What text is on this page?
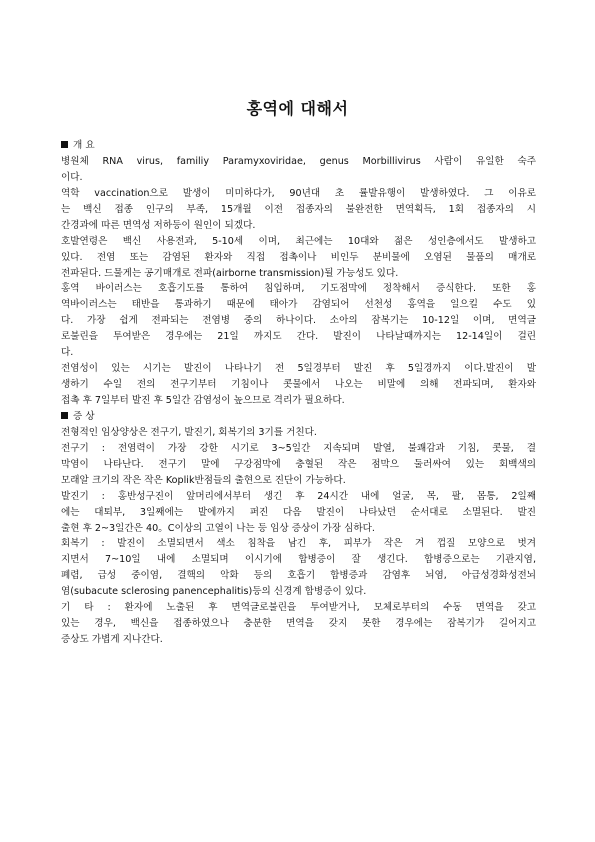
홍역에 대해서
개 요
병원체 RNA virus, familiy Paramyxoviridae, genus Morbillivirus 사람이 유일한 숙주
이다.
역학 vaccination으로 발생이 미미하다가, 90년대 초 률발유행이 발생하였다. 그 이유로
는 백신 접종 인구의 부족, 15개월 이전 접종자의 불완전한 면역획득, 1회 접종자의 시
간경과에 따른 면역성 저하등이 원인이 되겠다.
호발연령은 백신 사용전과, 5-10세 이며, 최근에는 10대와 젊은 성인층에서도 발생하고
있다. 전염 또는 감염된 환자와 직접 접촉이나 비인두 분비물에 오염된 물품의 매개로
전파된다. 드물게는 공기매개로 전파(airborne transmission)될 가능성도 있다.
홍역 바이러스는 호흡기도를 통하여 침입하며, 기도점막에 정착해서 증식한다. 또한 홍
역바이러스는 태반을 통과하기 때문에 태아가 감염되어 선천성 홍역을 일으킬 수도 있
다. 가장 쉽게 전파되는 전염병 중의 하나이다. 소아의 잠복기는 10-12일 이며, 면역글
로불린을 투여받은 경우에는 21일 까지도 간다. 발진이 나타날때까지는 12-14일이 걸린
다.
전염성이 있는 시기는 발진이 나타나기 전 5일경부터 발진 후 5일경까지 이다.발진이 발
생하기 수일 전의 전구기부터 기침이나 콧물에서 나오는 비말에 의해 전파되며, 환자와
접촉 후 7일부터 발진 후 5일간 감염성이 높으므로 격리가 필요하다.
증 상
전형적인 임상양상은 전구기, 발진기, 회복기의 3기를 거친다.
전구기 : 전염력이 가장 강한 시기로 3~5일간 지속되며 발열, 불쾌감과 기침, 콧물, 결
막염이 나타난다. 전구기 말에 구강점막에 충혈된 작은 점막으 둘러싸여 있는 회백색의
모래알 크기의 작은 작은 Koplik반점들의 출현으로 진단이 가능하다.
발진기 : 홍반성구진이 앞머리에서부터 생긴 후 24시간 내에 얼굴, 목, 팔, 몸통, 2일째
에는 대퇴부, 3일째에는 발에까지 퍼진 다음 발진이 나타났던 순서대로 소멸된다. 발진
출현 후 2~3일간은 40。C이상의 고열이 나는 등 임상 증상이 가장 심하다.
회복기 : 발진이 소멸되면서 색소 침착을 남긴 후, 피부가 작은 겨 껍질 모양으로 벗겨
지면서 7~10일 내에 소멸되며 이시기에 합병증이 잘 생긴다. 합병증으로는 기관지염,
폐렴, 급성 중이염, 결핵의 악화 등의 호흡기 합병증과 감염후 뇌염, 아급성경화성전뇌
염(subacute sclerosing panencephalitis)등의 신경계 합병증이 있다.
기 타 : 환자에 노출된 후 면역글로불린을 투여받거나, 모체로부터의 수동 면역을 갖고
있는 경우, 백신을 접종하였으나 충분한 면역을 갖지 못한 경우에는 잠복기가 길어지고
증상도 가볍게 지나간다.
